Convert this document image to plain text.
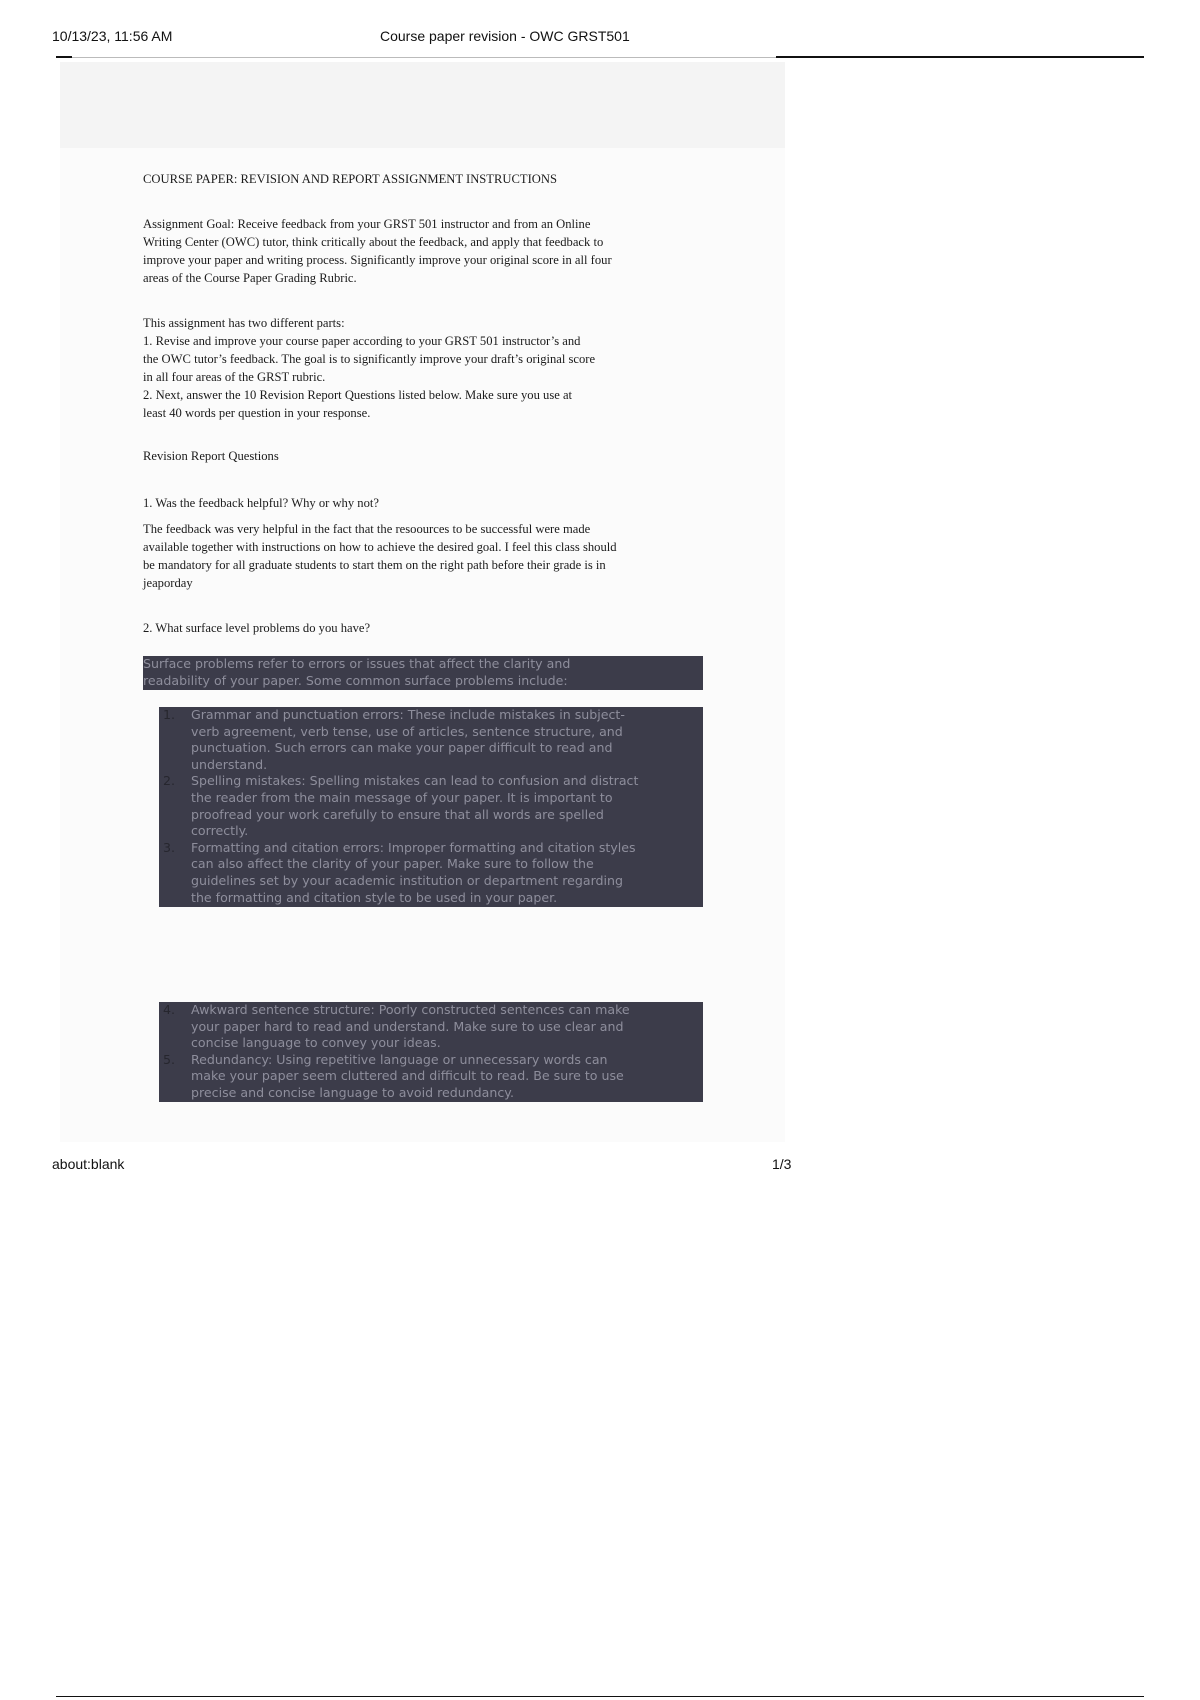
10/13/23, 11:56 AM	Course paper revision - OWC GRST501
COURSE PAPER: REVISION AND REPORT ASSIGNMENT INSTRUCTIONS
Assignment Goal: Receive feedback from your GRST 501 instructor and from an Online
Writing Center (OWC) tutor, think critically about the feedback, and apply that feedback to
improve your paper and writing process. Significantly improve your original score in all four
areas of the Course Paper Grading Rubric.
This assignment has two different parts:
1. Revise and improve your course paper according to your GRST 501 instructor’s and
the OWC tutor’s feedback. The goal is to significantly improve your draft’s original score
in all four areas of the GRST rubric.
2. Next, answer the 10 Revision Report Questions listed below. Make sure you use at
least 40 words per question in your response.
Revision Report Questions
1. Was the feedback helpful? Why or why not?
The feedback was very helpful in the fact that the resoources to be successful were made
available together with instructions on how to achieve the desired goal. I feel this class should
be mandatory for all graduate students to start them on the right path before their grade is in
jeaporday
2. What surface level problems do you have?
Surface problems refer to errors or issues that affect the clarity and
readability of your paper. Some common surface problems include:
1.	Grammar and punctuation errors: These include mistakes in subject-
verb agreement, verb tense, use of articles, sentence structure, and
punctuation. Such errors can make your paper difficult to read and
understand.
2.	Spelling mistakes: Spelling mistakes can lead to confusion and distract
the reader from the main message of your paper. It is important to
proofread your work carefully to ensure that all words are spelled
correctly.
3.	Formatting and citation errors: Improper formatting and citation styles
can also affect the clarity of your paper. Make sure to follow the
guidelines set by your academic institution or department regarding
the formatting and citation style to be used in your paper.
4.	Awkward sentence structure: Poorly constructed sentences can make
your paper hard to read and understand. Make sure to use clear and
concise language to convey your ideas.
5.	Redundancy: Using repetitive language or unnecessary words can
make your paper seem cluttered and difficult to read. Be sure to use
precise and concise language to avoid redundancy.
about:blank	1/3
